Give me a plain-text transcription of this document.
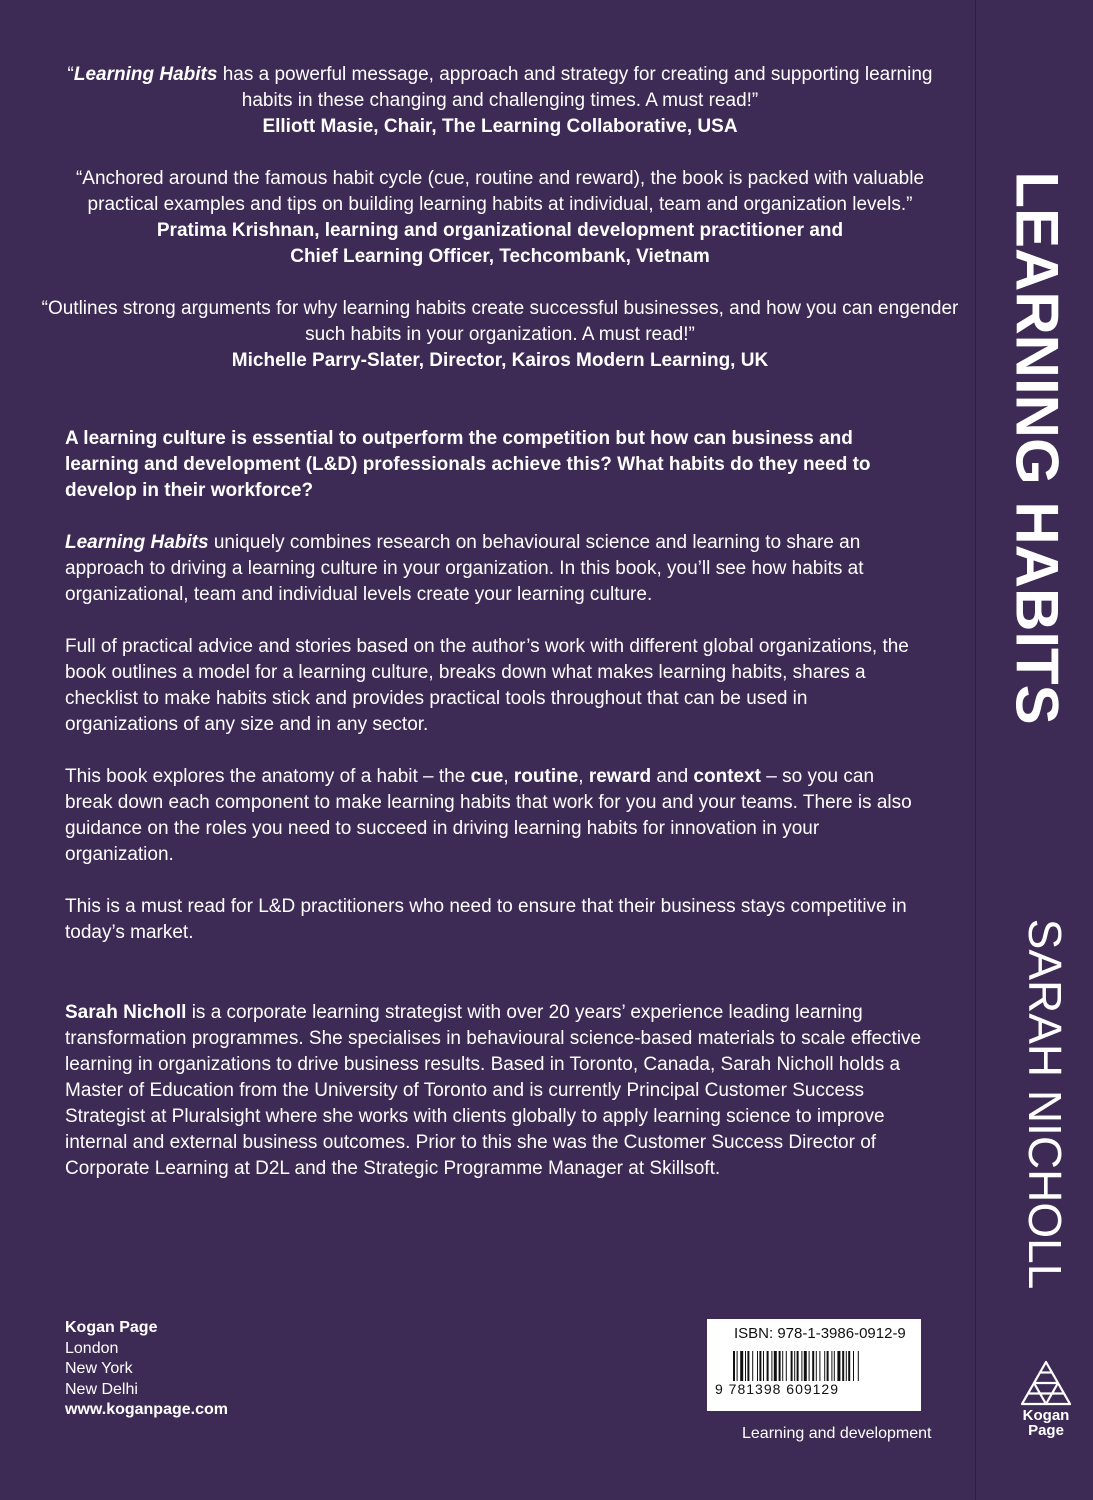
“Learning Habits has a powerful message, approach and strategy for creating and supporting learning habits in these changing and challenging times. A must read!”
Elliott Masie, Chair, The Learning Collaborative, USA
“Anchored around the famous habit cycle (cue, routine and reward), the book is packed with valuable practical examples and tips on building learning habits at individual, team and organization levels.”
Pratima Krishnan, learning and organizational development practitioner and
Chief Learning Officer, Techcombank, Vietnam
“Outlines strong arguments for why learning habits create successful businesses, and how you can engender such habits in your organization. A must read!”
Michelle Parry-Slater, Director, Kairos Modern Learning, UK

A learning culture is essential to outperform the competition but how can business and learning and development (L&D) professionals achieve this? What habits do they need to develop in their workforce?

Learning Habits uniquely combines research on behavioural science and learning to share an approach to driving a learning culture in your organization. In this book, you’ll see how habits at organizational, team and individual levels create your learning culture.

Full of practical advice and stories based on the author’s work with different global organizations, the book outlines a model for a learning culture, breaks down what makes learning habits, shares a checklist to make habits stick and provides practical tools throughout that can be used in organizations of any size and in any sector.

This book explores the anatomy of a habit – the cue, routine, reward and context – so you can break down each component to make learning habits that work for you and your teams. There is also guidance on the roles you need to succeed in driving learning habits for innovation in your organization.

This is a must read for L&D practitioners who need to ensure that their business stays competitive in today’s market.

Sarah Nicholl is a corporate learning strategist with over 20 years’ experience leading learning transformation programmes. She specialises in behavioural science-based materials to scale effective learning in organizations to drive business results. Based in Toronto, Canada, Sarah Nicholl holds a Master of Education from the University of Toronto and is currently Principal Customer Success Strategist at Pluralsight where she works with clients globally to apply learning science to improve internal and external business outcomes. Prior to this she was the Customer Success Director of Corporate Learning at D2L and the Strategic Programme Manager at Skillsoft.
Kogan Page
London
New York
New Delhi
www.koganpage.com
ISBN: 978-1-3986-0912-9
9 781398 609129
Learning and development
LEARNING HABITS
SARAH NICHOLL
Kogan
Page
